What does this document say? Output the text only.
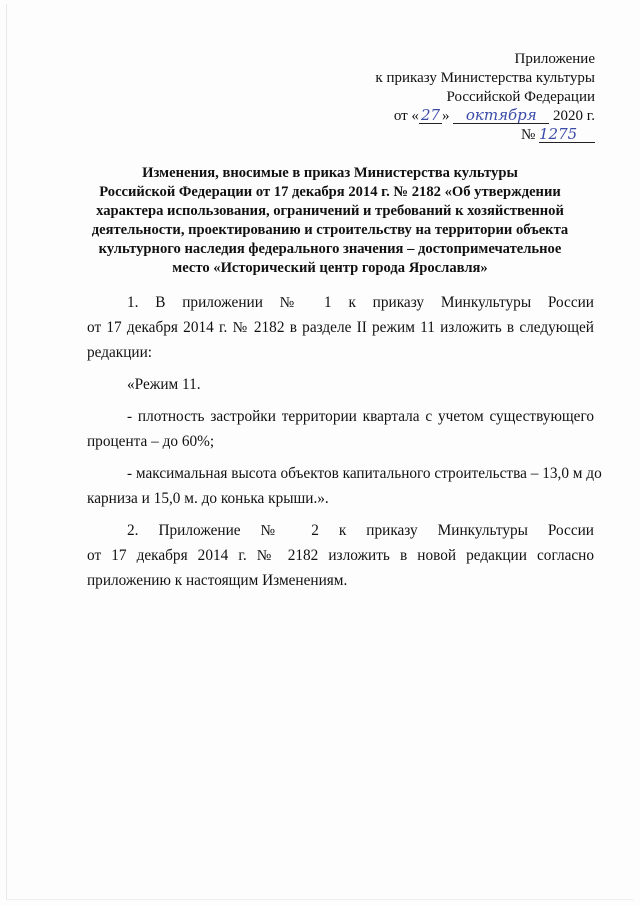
Приложение
к приказу Министерства культуры
Российской Федерации
от « 27 » октября 2020 г.
№ 1275
Изменения, вносимые в приказ Министерства культуры
Российской Федерации от 17 декабря 2014 г. № 2182 «Об утверждении
характера использования, ограничений и требований к хозяйственной
деятельности, проектированию и строительству на территории объекта
культурного наследия федерального значения – достопримечательное
место «Исторический центр города Ярославля»

1. В приложении № 1 к приказу Минкультуры России
от 17 декабря 2014 г. № 2182 в разделе II режим 11 изложить в следующей
редакции:

«Режим 11.

- плотность застройки территории квартала с учетом существующего
процента – до 60%;

- максимальная высота объектов капитального строительства – 13,0 м до
карниза и 15,0 м. до конька крыши.».

2. Приложение № 2 к приказу Минкультуры России
от 17 декабря 2014 г. № 2182 изложить в новой редакции согласно
приложению к настоящим Изменениям.
